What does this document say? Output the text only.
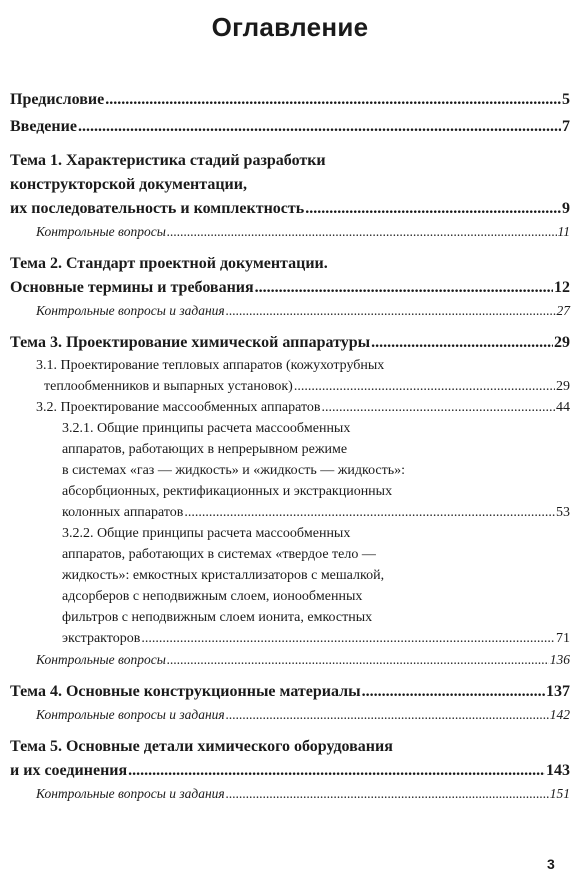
Оглавление
Предисловие .....	5
Введение .....	7
Тема 1. Характеристика стадий разработки
конструкторской документации,
их последовательность и комплектность .....	9
Контрольные вопросы .....	11
Тема 2. Стандарт проектной документации.
Основные термины и требования .....	12
Контрольные вопросы и задания .....	27
Тема 3. Проектирование химической аппаратуры .....	29
3.1. Проектирование тепловых аппаратов (кожухотрубных
теплообменников и выпарных установок) .....	29
3.2. Проектирование массообменных аппаратов .....	44
3.2.1. Общие принципы расчета массообменных
аппаратов, работающих в непрерывном режиме
в системах «газ — жидкость» и «жидкость — жидкость»:
абсорбционных, ректификационных и экстракционных
колонных аппаратов .....	53
3.2.2. Общие принципы расчета массообменных
аппаратов, работающих в системах «твердое тело —
жидкость»: емкостных кристаллизаторов с мешалкой,
адсорберов с неподвижным слоем, ионообменных
фильтров с неподвижным слоем ионита, емкостных
экстракторов .....	71
Контрольные вопросы .....	136
Тема 4. Основные конструкционные материалы .....	137
Контрольные вопросы и задания .....	142
Тема 5. Основные детали химического оборудования
и их соединения .....	143
Контрольные вопросы и задания .....	151
3
